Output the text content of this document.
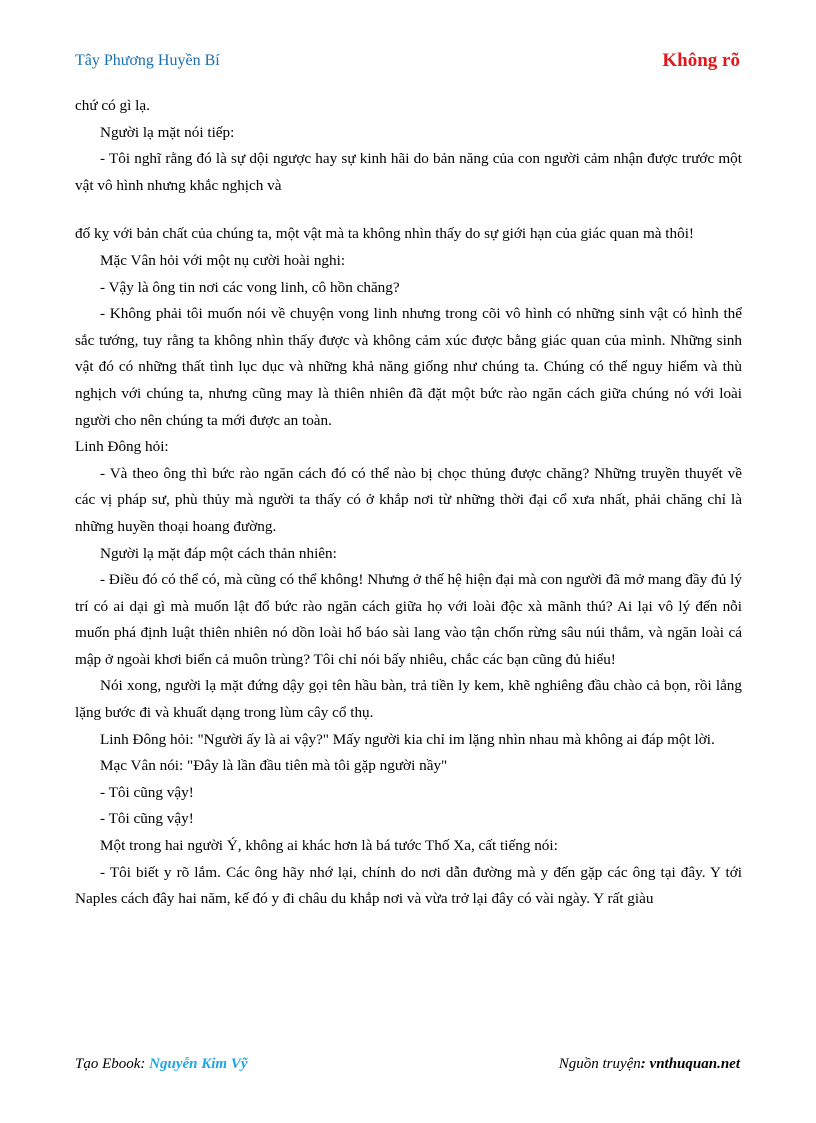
Tây Phương Huyền Bí	Không rõ

chứ có gì lạ.

Người lạ mặt nói tiếp:

- Tôi nghĩ rằng đó là sự dội ngược hay sự kinh hãi do bản năng của con người cảm nhận được trước một vật vô hình nhưng khắc nghịch và

đố kỵ với bản chất của chúng ta, một vật mà ta không nhìn thấy do sự giới hạn của giác quan mà thôi!

Mặc Vân hỏi với một nụ cười hoài nghi:

- Vậy là ông tin nơi các vong linh, cô hồn chăng?

- Không phải tôi muốn nói về chuyện vong linh nhưng trong cõi vô hình có những sinh vật có hình thể sắc tướng, tuy rằng ta không nhìn thấy được và không cảm xúc được bằng giác quan của mình. Những sinh vật đó có những thất tình lục dục và những khả năng giống như chúng ta. Chúng có thể nguy hiểm và thù nghịch với chúng ta, nhưng cũng may là thiên nhiên đã đặt một bức rào ngăn cách giữa chúng nó với loài người cho nên chúng ta mới được an toàn.

Linh Đông hỏi:

- Và theo ông thì bức rào ngăn cách đó có thể nào bị chọc thủng được chăng? Những truyền thuyết về các vị pháp sư, phù thủy mà người ta thấy có ở khắp nơi từ những thời đại cổ xưa nhất, phải chăng chỉ là những huyền thoại hoang đường.

Người lạ mặt đáp một cách thản nhiên:

- Điều đó có thể có, mà cũng có thể không! Nhưng ở thế hệ hiện đại mà con người đã mở mang đầy đủ lý trí có ai dại gì mà muốn lật đổ bức rào ngăn cách giữa họ với loài độc xà mãnh thú? Ai lại vô lý đến nỗi muốn phá định luật thiên nhiên nó dồn loài hổ báo sài lang vào tận chốn rừng sâu núi thẳm, và ngăn loài cá mập ở ngoài khơi biển cả muôn trùng? Tôi chỉ nói bấy nhiêu, chắc các bạn cũng đủ hiểu!

Nói xong, người lạ mặt đứng dậy gọi tên hầu bàn, trả tiền ly kem, khẽ nghiêng đầu chào cả bọn, rồi lẳng lặng bước đi và khuất dạng trong lùm cây cổ thụ.

Linh Đông hỏi: "Người ấy là ai vậy?" Mấy người kia chỉ im lặng nhìn nhau mà không ai đáp một lời.

Mạc Vân nói: "Đây là lần đầu tiên mà tôi gặp người nầy"

- Tôi cũng vậy!

- Tôi cũng vậy!

Một trong hai người Ý, không ai khác hơn là bá tước Thố Xa, cất tiếng nói:

- Tôi biết y rõ lắm. Các ông hãy nhớ lại, chính do nơi dẫn đường mà y đến gặp các ông tại đây. Y tới Naples cách đây hai năm, kế đó y đi châu du khắp nơi và vừa trở lại đây có vài ngày. Y rất giàu

Tạo Ebook: Nguyễn Kim Vỹ	Nguồn truyện: vnthuquan.net
